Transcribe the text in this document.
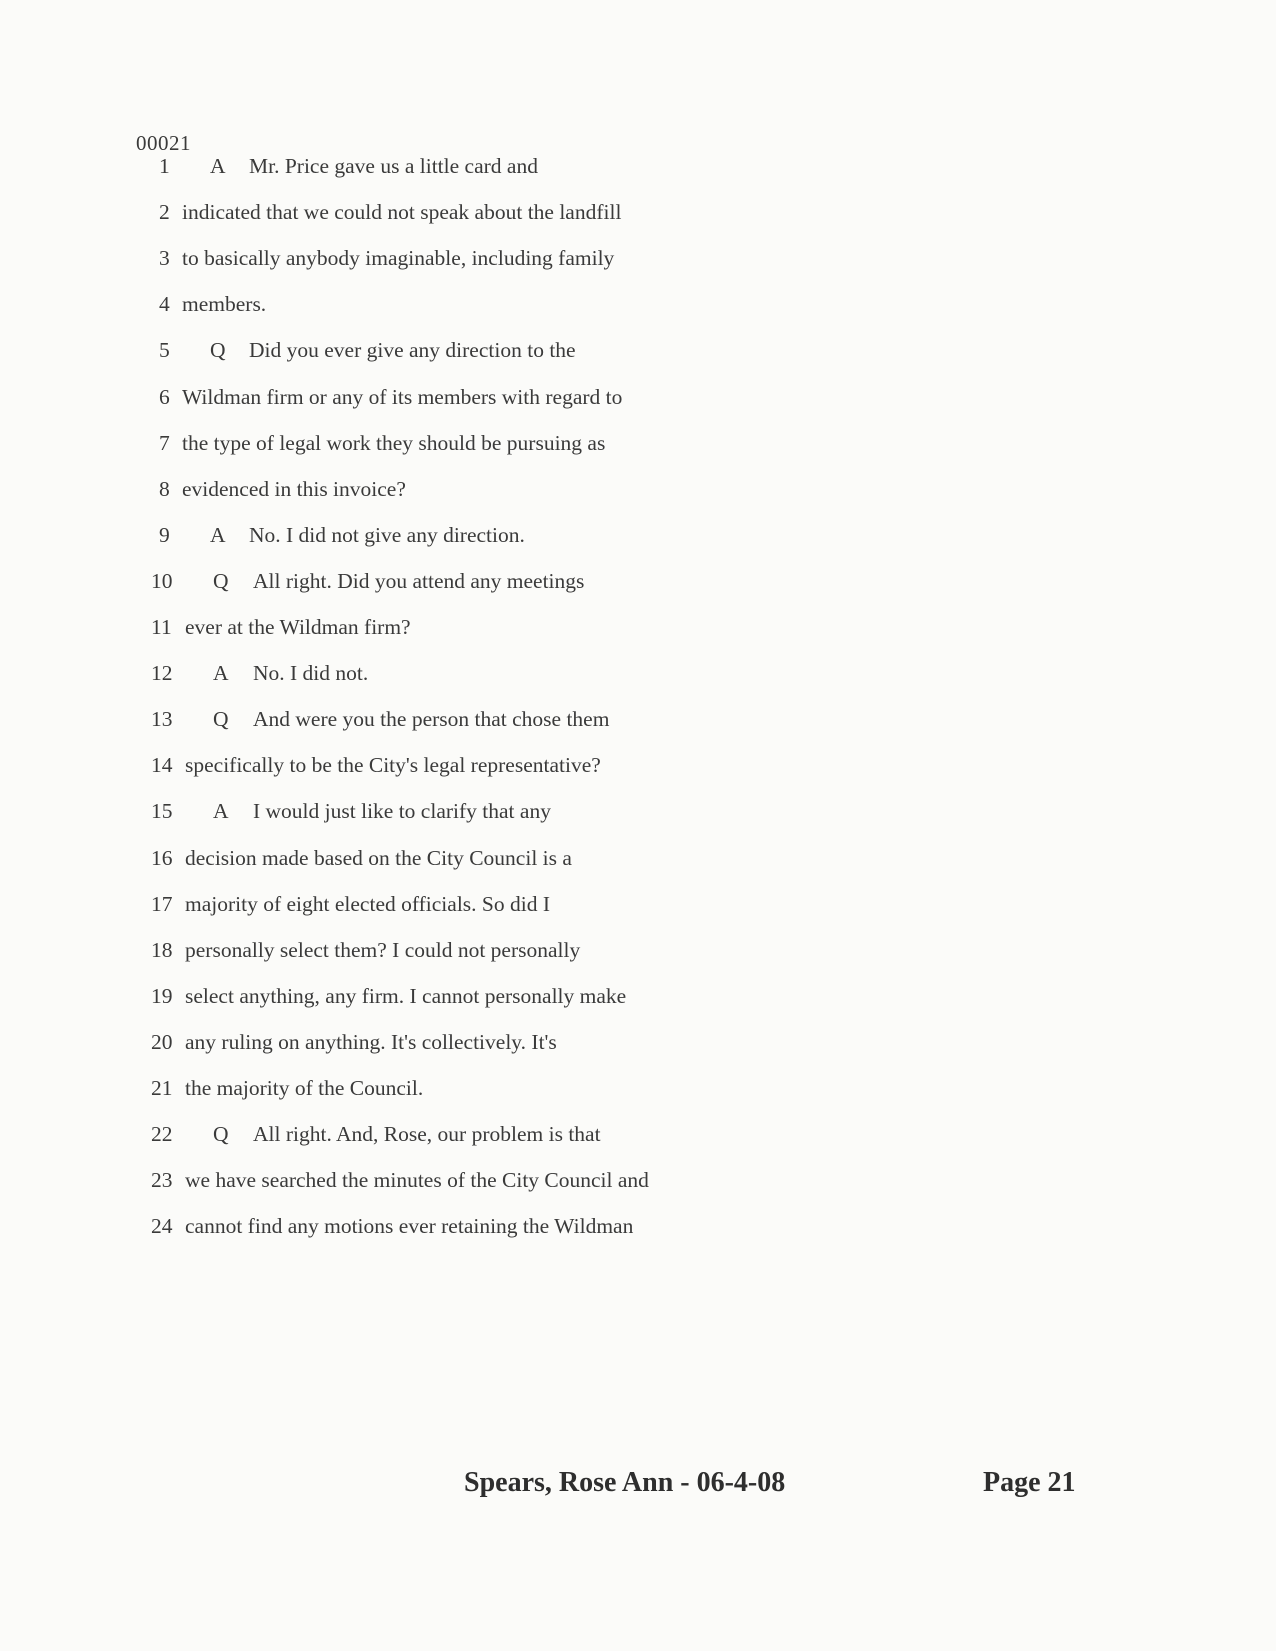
00021
1 A Mr. Price gave us a little card and
2 indicated that we could not speak about the landfill
3 to basically anybody imaginable, including family
4 members.
5 Q Did you ever give any direction to the
6 Wildman firm or any of its members with regard to
7 the type of legal work they should be pursuing as
8 evidenced in this invoice?
9 A No. I did not give any direction.
10 Q All right. Did you attend any meetings
11 ever at the Wildman firm?
12 A No. I did not.
13 Q And were you the person that chose them
14 specifically to be the City's legal representative?
15 A I would just like to clarify that any
16 decision made based on the City Council is a
17 majority of eight elected officials. So did I
18 personally select them? I could not personally
19 select anything, any firm. I cannot personally make
20 any ruling on anything. It's collectively. It's
21 the majority of the Council.
22 Q All right. And, Rose, our problem is that
23 we have searched the minutes of the City Council and
24 cannot find any motions ever retaining the Wildman
Spears, Rose Ann - 06-4-08	Page 21
